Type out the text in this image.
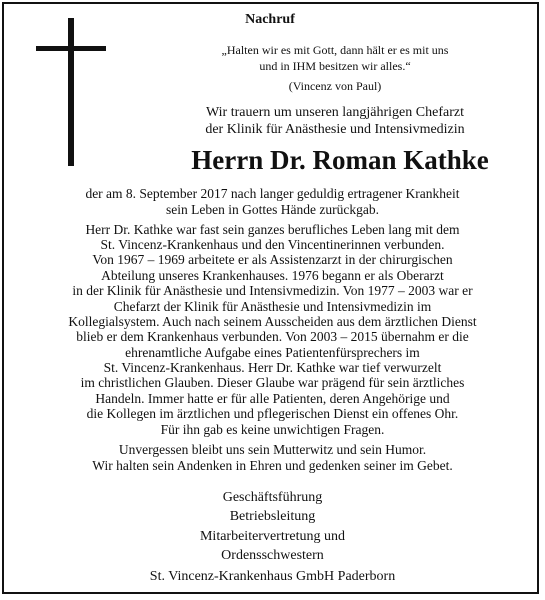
Nachruf
„Halten wir es mit Gott, dann hält er es mit uns
und in IHM besitzen wir alles.“
(Vincenz von Paul)
Wir trauern um unseren langjährigen Chefarzt
der Klinik für Anästhesie und Intensivmedizin
Herrn Dr. Roman Kathke
der am 8. September 2017 nach langer geduldig ertragener Krankheit
sein Leben in Gottes Hände zurückgab.
Herr Dr. Kathke war fast sein ganzes berufliches Leben lang mit dem
St. Vincenz-Krankenhaus und den Vincentinerinnen verbunden.
Von 1967 – 1969 arbeitete er als Assistenzarzt in der chirurgischen
Abteilung unseres Krankenhauses. 1976 begann er als Oberarzt
in der Klinik für Anästhesie und Intensivmedizin. Von 1977 – 2003 war er
Chefarzt der Klinik für Anästhesie und Intensivmedizin im
Kollegialsystem. Auch nach seinem Ausscheiden aus dem ärztlichen Dienst
blieb er dem Krankenhaus verbunden. Von 2003 – 2015 übernahm er die
ehrenamtliche Aufgabe eines Patientenfürsprechers im
St. Vincenz-Krankenhaus. Herr Dr. Kathke war tief verwurzelt
im christlichen Glauben. Dieser Glaube war prägend für sein ärztliches
Handeln. Immer hatte er für alle Patienten, deren Angehörige und
die Kollegen im ärztlichen und pflegerischen Dienst ein offenes Ohr.
Für ihn gab es keine unwichtigen Fragen.
Unvergessen bleibt uns sein Mutterwitz und sein Humor.
Wir halten sein Andenken in Ehren und gedenken seiner im Gebet.
Geschäftsführung
Betriebsleitung
Mitarbeitervertretung und
Ordensschwestern
St. Vincenz-Krankenhaus GmbH Paderborn
